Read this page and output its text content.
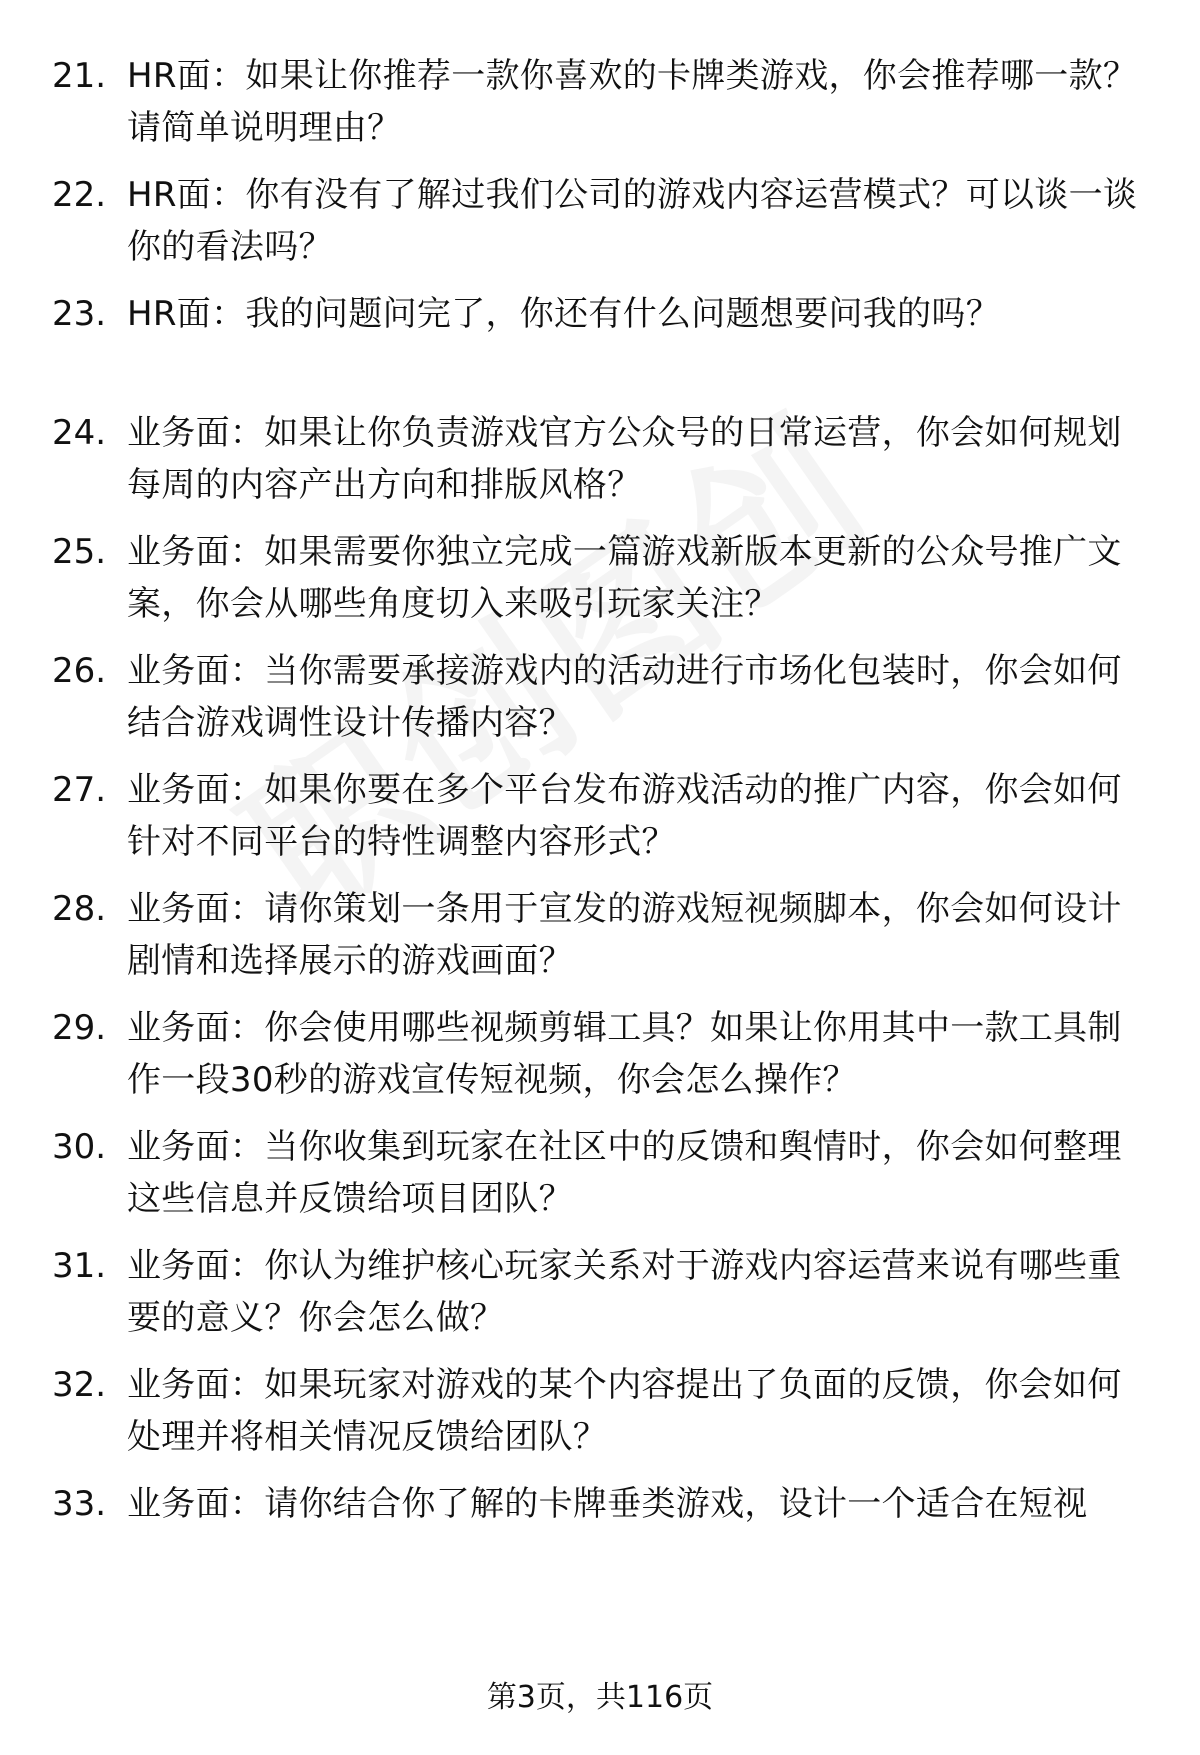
21. HR面：如果让你推荐一款你喜欢的卡牌类游戏，你会推荐哪一款？请简单说明理由？
22. HR面：你有没有了解过我们公司的游戏内容运营模式？可以谈一谈你的看法吗？
23. HR面：我的问题问完了，你还有什么问题想要问我的吗？
24. 业务面：如果让你负责游戏官方公众号的日常运营，你会如何规划每周的内容产出方向和排版风格？
25. 业务面：如果需要你独立完成一篇游戏新版本更新的公众号推广文案，你会从哪些角度切入来吸引玩家关注？
26. 业务面：当你需要承接游戏内的活动进行市场化包装时，你会如何结合游戏调性设计传播内容？
27. 业务面：如果你要在多个平台发布游戏活动的推广内容，你会如何针对不同平台的特性调整内容形式？
28. 业务面：请你策划一条用于宣发的游戏短视频脚本，你会如何设计剧情和选择展示的游戏画面？
29. 业务面：你会使用哪些视频剪辑工具？如果让你用其中一款工具制作一段30秒的游戏宣传短视频，你会怎么操作？
30. 业务面：当你收集到玩家在社区中的反馈和舆情时，你会如何整理这些信息并反馈给项目团队？
31. 业务面：你认为维护核心玩家关系对于游戏内容运营来说有哪些重要的意义？你会怎么做？
32. 业务面：如果玩家对游戏的某个内容提出了负面的反馈，你会如何处理并将相关情况反馈给团队？
33. 业务面：请你结合你了解的卡牌垂类游戏，设计一个适合在短视
第3页，共116页
